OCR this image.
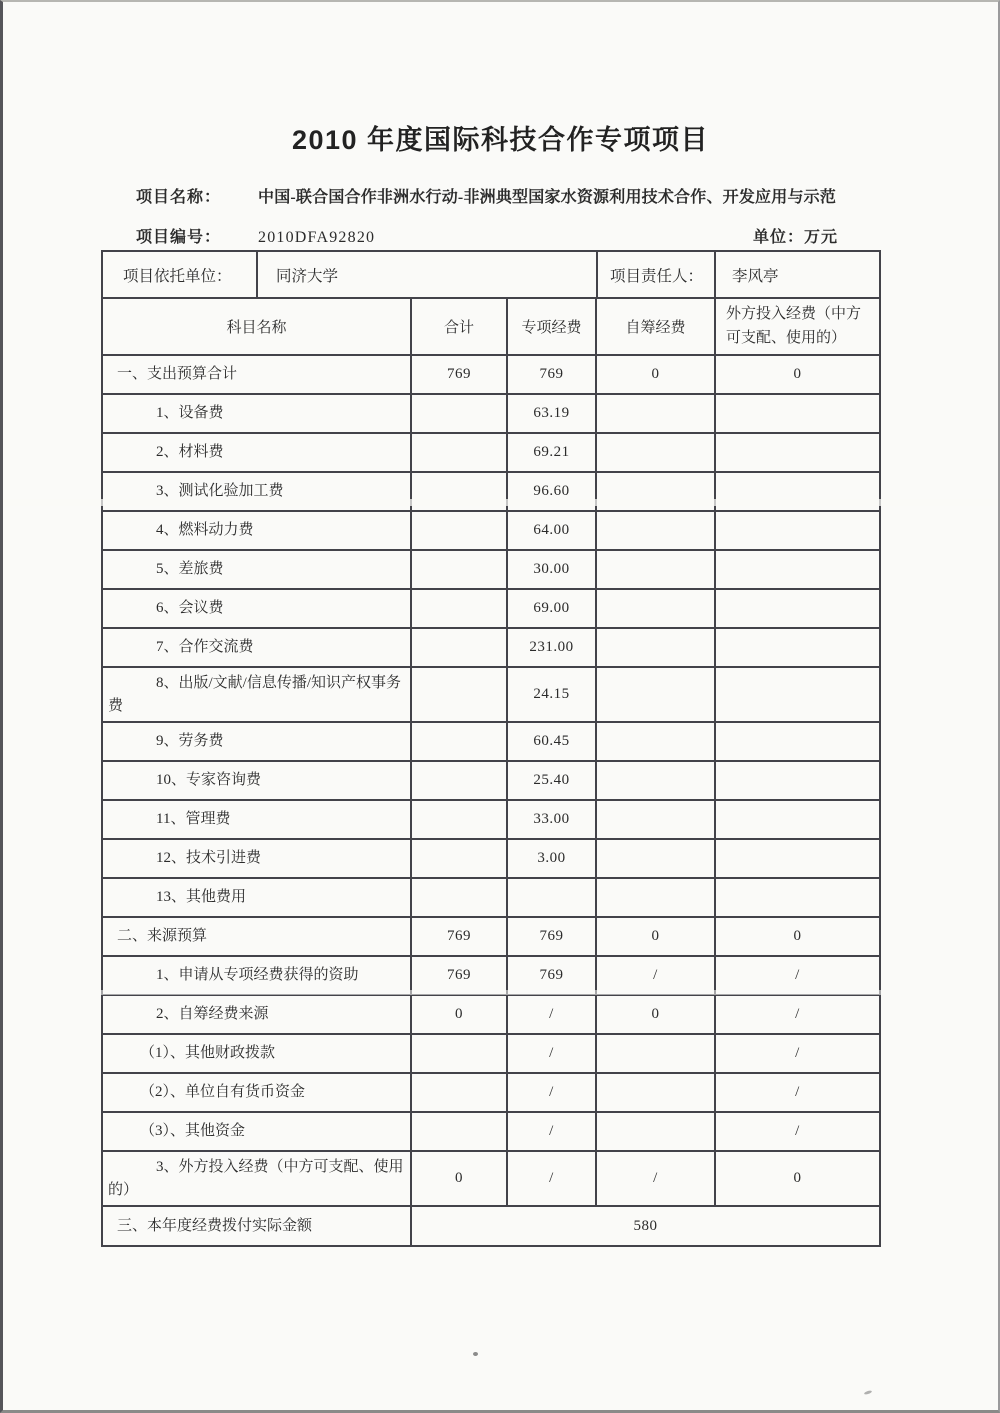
2010 年度国际科技合作专项项目
项目名称：	中国-联合国合作非洲水行动-非洲典型国家水资源利用技术合作、开发应用与示范
项目编号：	2010DFA92820	单位：万元
项目依托单位：	同济大学	项目责任人：	李风亭
科目名称	合计	专项经费	自筹经费	外方投入经费（中方可支配、使用的）
一、支出预算合计	769	769	0	0
1、设备费		63.19		
2、材料费		69.21		
3、测试化验加工费		96.60		
4、燃料动力费		64.00		
5、差旅费		30.00		
6、会议费		69.00		
7、合作交流费		231.00		
8、出版/文献/信息传播/知识产权事务费		24.15		
9、劳务费		60.45		
10、专家咨询费		25.40		
11、管理费		33.00		
12、技术引进费		3.00		
13、其他费用				
二、来源预算	769	769	0	0
1、申请从专项经费获得的资助	769	769	/	/
2、自筹经费来源	0	/	0	/
（1）、其他财政拨款		/		/
（2）、单位自有货币资金		/		/
（3）、其他资金		/		/
3、外方投入经费（中方可支配、使用的）	0	/	/	0
三、本年度经费拨付实际金额	580			
